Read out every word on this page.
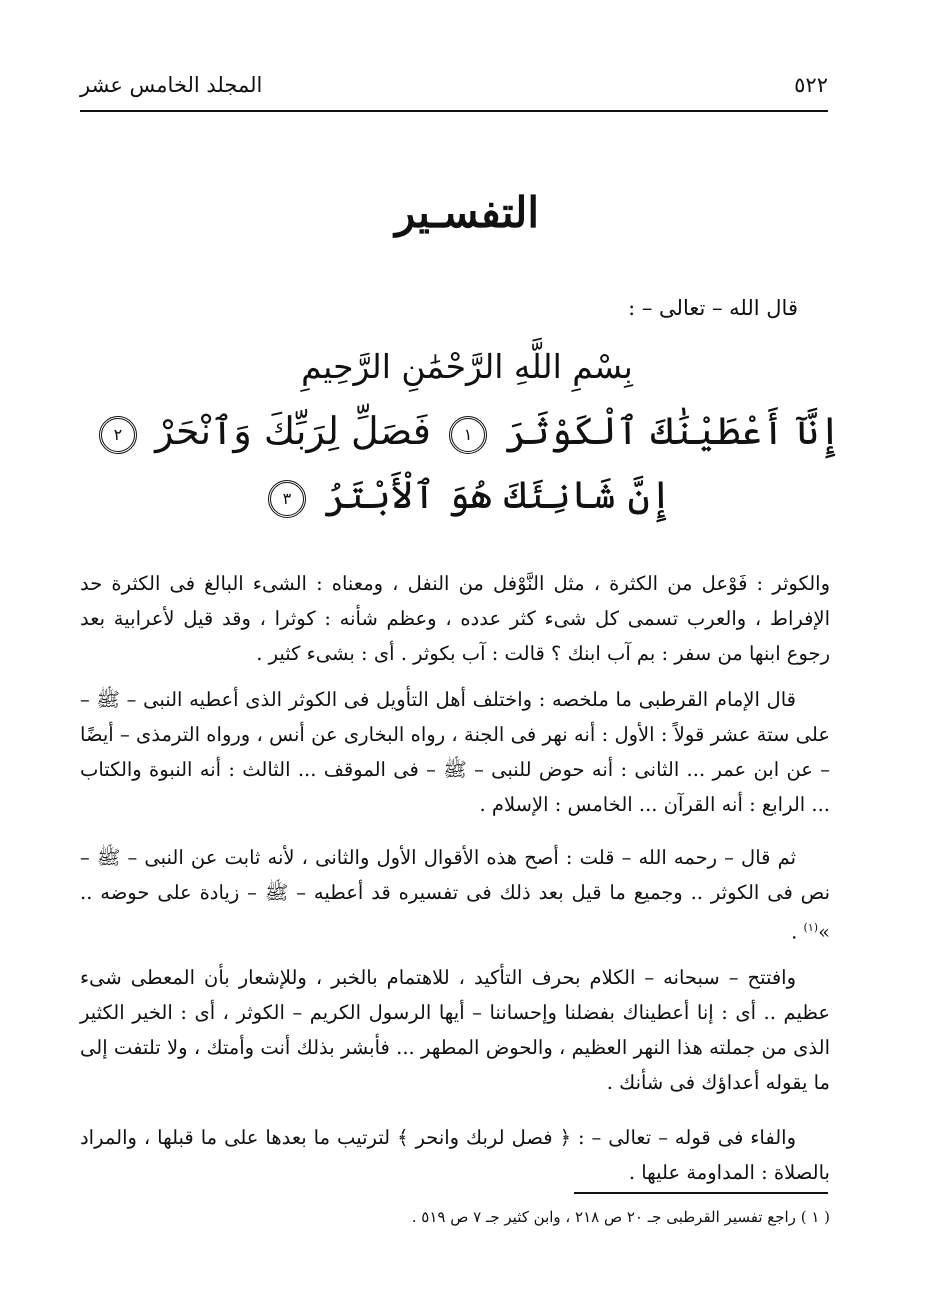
٥٢٢
المجلد الخامس عشر
التفسـير
قال الله – تعالى – :
بِسْمِ اللَّهِ الرَّحْمَٰنِ الرَّحِيمِ
إِنَّآ أَعْطَيْنَٰكَ ٱلْكَوْثَرَ ١ فَصَلِّ لِرَبِّكَ وَٱنْحَرْ ٢
إِنَّ شَانِئَكَ هُوَ ٱلْأَبْتَرُ ٣

والكوثر : فَوْعل من الكثرة ، مثل النَّوْفل من النفل ، ومعناه : الشىء البالغ فى الكثرة حد الإفراط ، والعرب تسمى كل شىء كثر عدده ، وعظم شأنه : كوثرا ، وقد قيل لأعرابية بعد رجوع ابنها من سفر : بم آب ابنك ؟ قالت : آب بكوثر . أى : بشىء كثير .

قال الإمام القرطبى ما ملخصه : واختلف أهل التأويل فى الكوثر الذى أعطيه النبى – ﷺ – على ستة عشر قولاً : الأول : أنه نهر فى الجنة ، رواه البخارى عن أنس ، ورواه الترمذى – أيضًا – عن ابن عمر ... الثانى : أنه حوض للنبى – ﷺ – فى الموقف ... الثالث : أنه النبوة والكتاب ... الرابع : أنه القرآن ... الخامس : الإسلام .

ثم قال – رحمه الله – قلت : أصح هذه الأقوال الأول والثانى ، لأنه ثابت عن النبى – ﷺ – نص فى الكوثر .. وجميع ما قيل بعد ذلك فى تفسيره قد أعطيه – ﷺ – زيادة على حوضه .. »$^{(١)}$ .

وافتتح – سبحانه – الكلام بحرف التأكيد ، للاهتمام بالخبر ، وللإشعار بأن المعطى شىء عظيم .. أى : إنا أعطيناك بفضلنا وإحساننا – أيها الرسول الكريم – الكوثر ، أى : الخير الكثير الذى من جملته هذا النهر العظيم ، والحوض المطهر ... فأبشر بذلك أنت وأمتك ، ولا تلتفت إلى ما يقوله أعداؤك فى شأنك .

والفاء فى قوله – تعالى – : ﴿ فصل لربك وانحر ﴾ لترتيب ما بعدها على ما قبلها ، والمراد بالصلاة : المداومة عليها .

( ١ ) راجع تفسير القرطبى جـ ٢٠ ص ٢١٨ ، وابن كثير جـ ٧ ص ٥١٩ .
